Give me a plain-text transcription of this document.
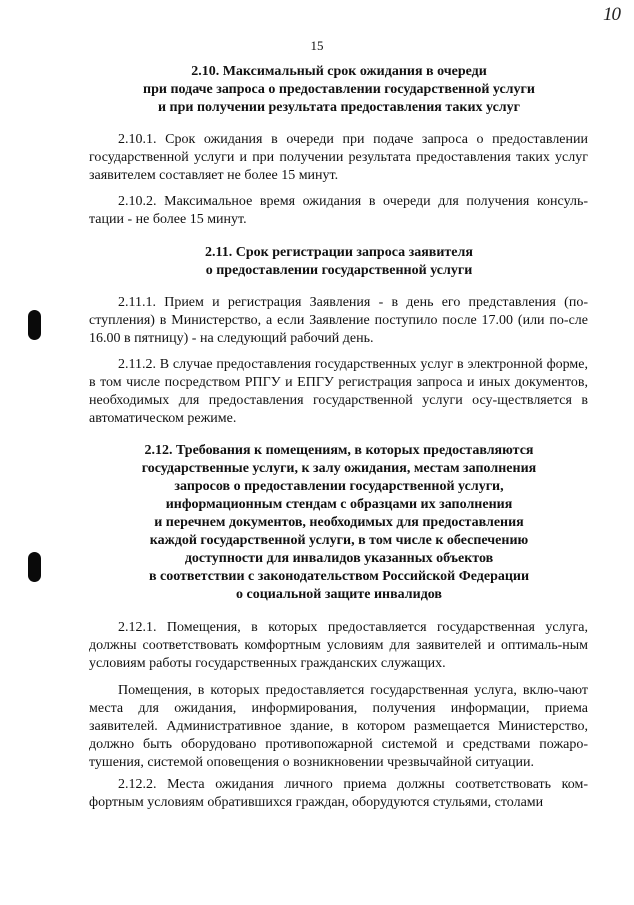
10
15
2.10. Максимальный срок ожидания в очереди
при подаче запроса о предоставлении государственной услуги
и при получении результата предоставления таких услуг

2.10.1. Срок ожидания в очереди при подаче запроса о предоставлении государственной услуги и при получении результата предоставления таких услуг заявителем составляет не более 15 минут.

2.10.2. Максимальное время ожидания в очереди для получения консуль-тации - не более 15 минут.

2.11. Срок регистрации запроса заявителя
о предоставлении государственной услуги

2.11.1. Прием и регистрация Заявления - в день его представления (по-ступления) в Министерство, а если Заявление поступило после 17.00 (или по-сле 16.00 в пятницу) - на следующий рабочий день.

2.11.2. В случае предоставления государственных услуг в электронной форме, в том числе посредством РПГУ и ЕПГУ регистрация запроса и иных документов, необходимых для предоставления государственной услуги осу-ществляется в автоматическом режиме.

2.12. Требования к помещениям, в которых предоставляются
государственные услуги, к залу ожидания, местам заполнения
запросов о предоставлении государственной услуги,
информационным стендам с образцами их заполнения
и перечнем документов, необходимых для предоставления
каждой государственной услуги, в том числе к обеспечению
доступности для инвалидов указанных объектов
в соответствии с законодательством Российской Федерации
о социальной защите инвалидов

2.12.1. Помещения, в которых предоставляется государственная услуга, должны соответствовать комфортным условиям для заявителей и оптималь-ным условиям работы государственных гражданских служащих.

Помещения, в которых предоставляется государственная услуга, вклю-чают места для ожидания, информирования, получения информации, приема заявителей. Административное здание, в котором размещается Министерство, должно быть оборудовано противопожарной системой и средствами пожаро-тушения, системой оповещения о возникновении чрезвычайной ситуации.

2.12.2. Места ожидания личного приема должны соответствовать ком-фортным условиям обратившихся граждан, оборудуются стульями, столами
